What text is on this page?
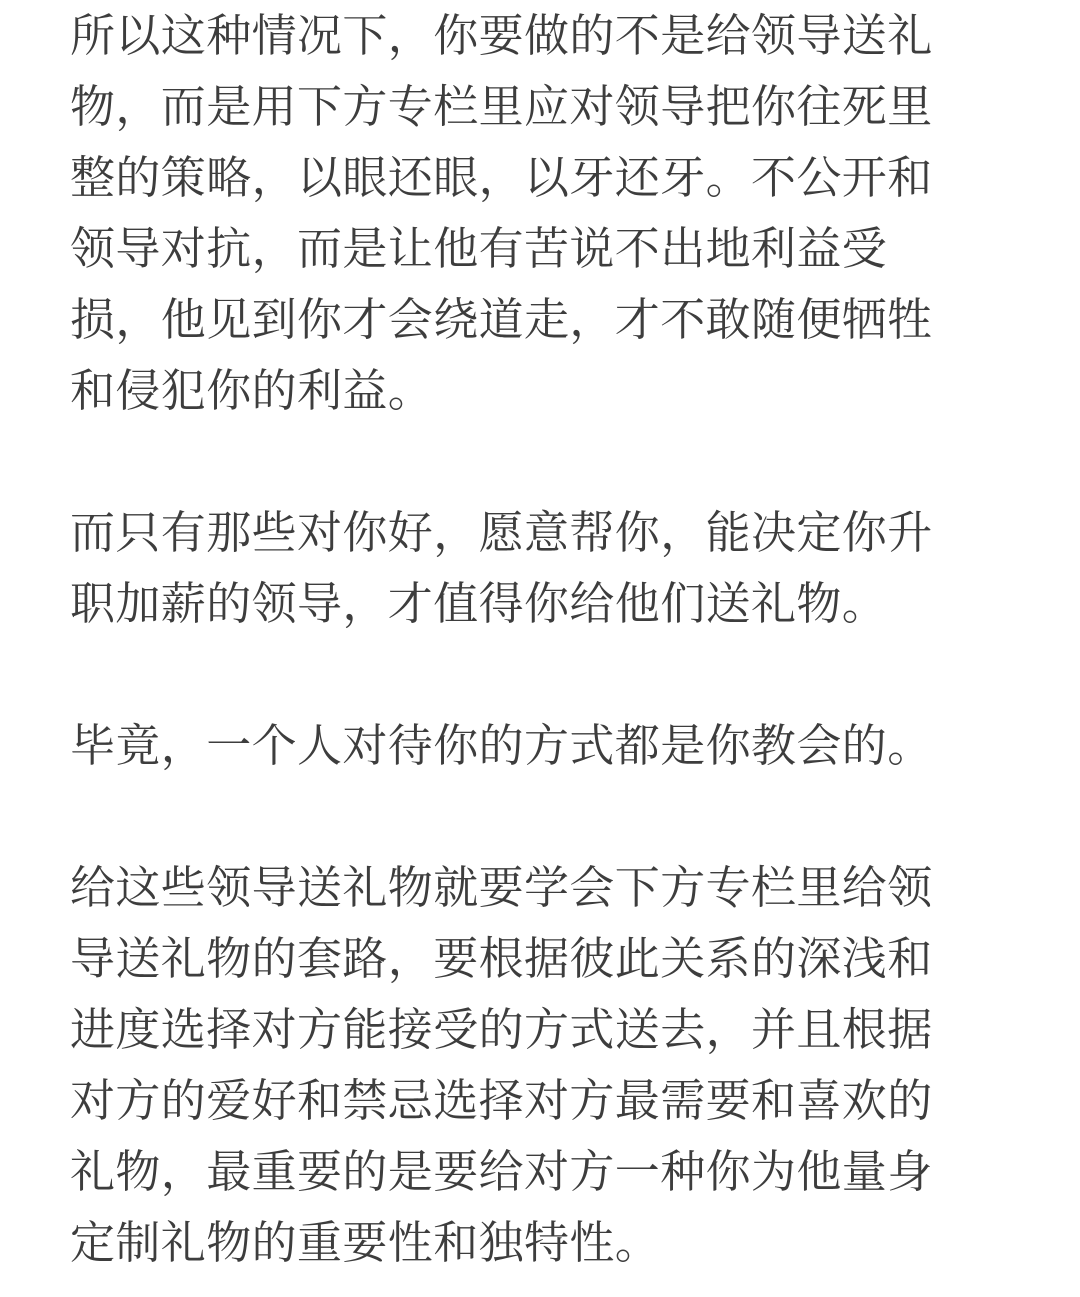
所以这种情况下，你要做的不是给领导送礼
物，而是用下方专栏里应对领导把你往死里
整的策略，以眼还眼，以牙还牙。不公开和
领导对抗，而是让他有苦说不出地利益受
损，他见到你才会绕道走，才不敢随便牺牲
和侵犯你的利益。

而只有那些对你好，愿意帮你，能决定你升
职加薪的领导，才值得你给他们送礼物。

毕竟，一个人对待你的方式都是你教会的。

给这些领导送礼物就要学会下方专栏里给领
导送礼物的套路，要根据彼此关系的深浅和
进度选择对方能接受的方式送去，并且根据
对方的爱好和禁忌选择对方最需要和喜欢的
礼物，最重要的是要给对方一种你为他量身
定制礼物的重要性和独特性。
